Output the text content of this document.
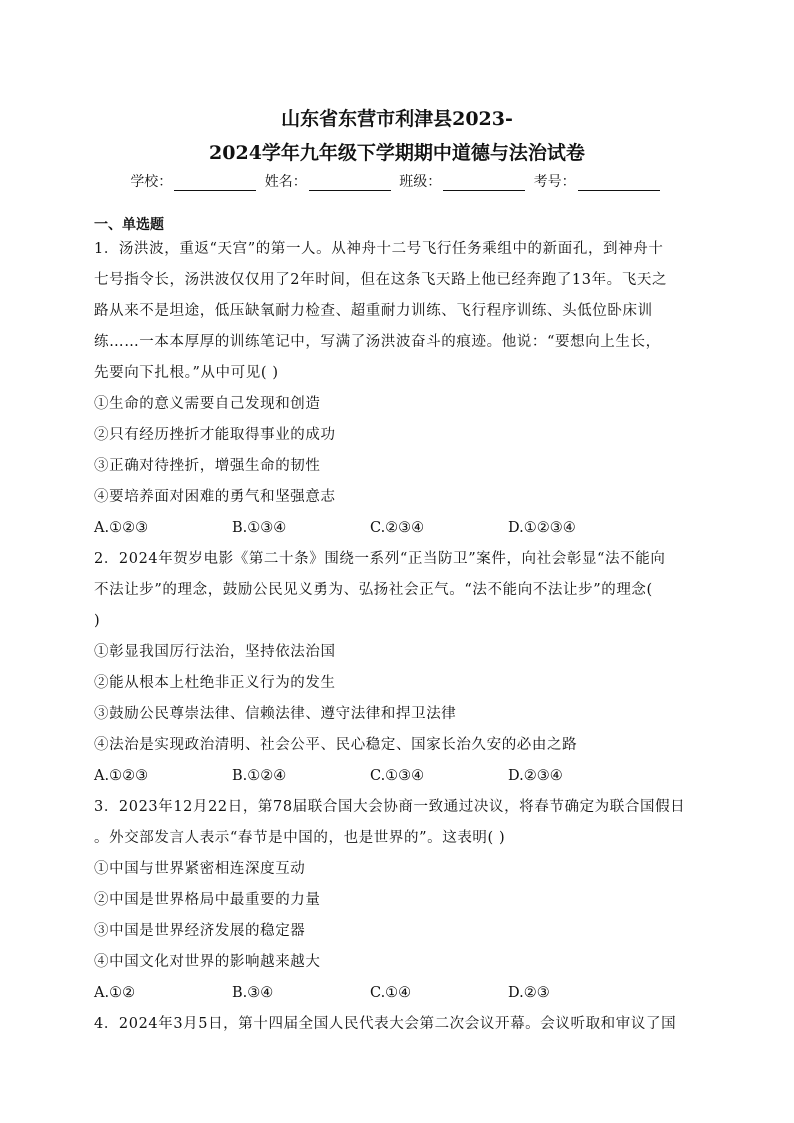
山东省东营市利津县2023-
2024学年九年级下学期期中道德与法治试卷
学校：	姓名：	班级：	考号：
一、单选题

1．汤洪波，重返“天宫”的第一人。从神舟十二号飞行任务乘组中的新面孔，到神舟十

七号指令长，汤洪波仅仅用了2年时间，但在这条飞天路上他已经奔跑了13年。飞天之

路从来不是坦途，低压缺氧耐力检查、超重耐力训练、飞行程序训练、头低位卧床训

练……一本本厚厚的训练笔记中，写满了汤洪波奋斗的痕迹。他说：“要想向上生长，

先要向下扎根。”从中可见( )

①生命的意义需要自己发现和创造

②只有经历挫折才能取得事业的成功

③正确对待挫折，增强生命的韧性

④要培养面对困难的勇气和坚强意志

A.①②③	B.①③④	C.②③④	D.①②③④

2．2024年贺岁电影《第二十条》围绕一系列“正当防卫”案件，向社会彰显“法不能向

不法让步”的理念，鼓励公民见义勇为、弘扬社会正气。“法不能向不法让步”的理念(

)

①彰显我国厉行法治，坚持依法治国

②能从根本上杜绝非正义行为的发生

③鼓励公民尊崇法律、信赖法律、遵守法律和捍卫法律

④法治是实现政治清明、社会公平、民心稳定、国家长治久安的必由之路

A.①②③	B.①②④	C.①③④	D.②③④

3．2023年12月22日，第78届联合国大会协商一致通过决议，将春节确定为联合国假日

。外交部发言人表示“春节是中国的，也是世界的”。这表明( )

①中国与世界紧密相连深度互动

②中国是世界格局中最重要的力量

③中国是世界经济发展的稳定器

④中国文化对世界的影响越来越大

A.①②	B.③④	C.①④	D.②③

4．2024年3月5日，第十四届全国人民代表大会第二次会议开幕。会议听取和审议了国
